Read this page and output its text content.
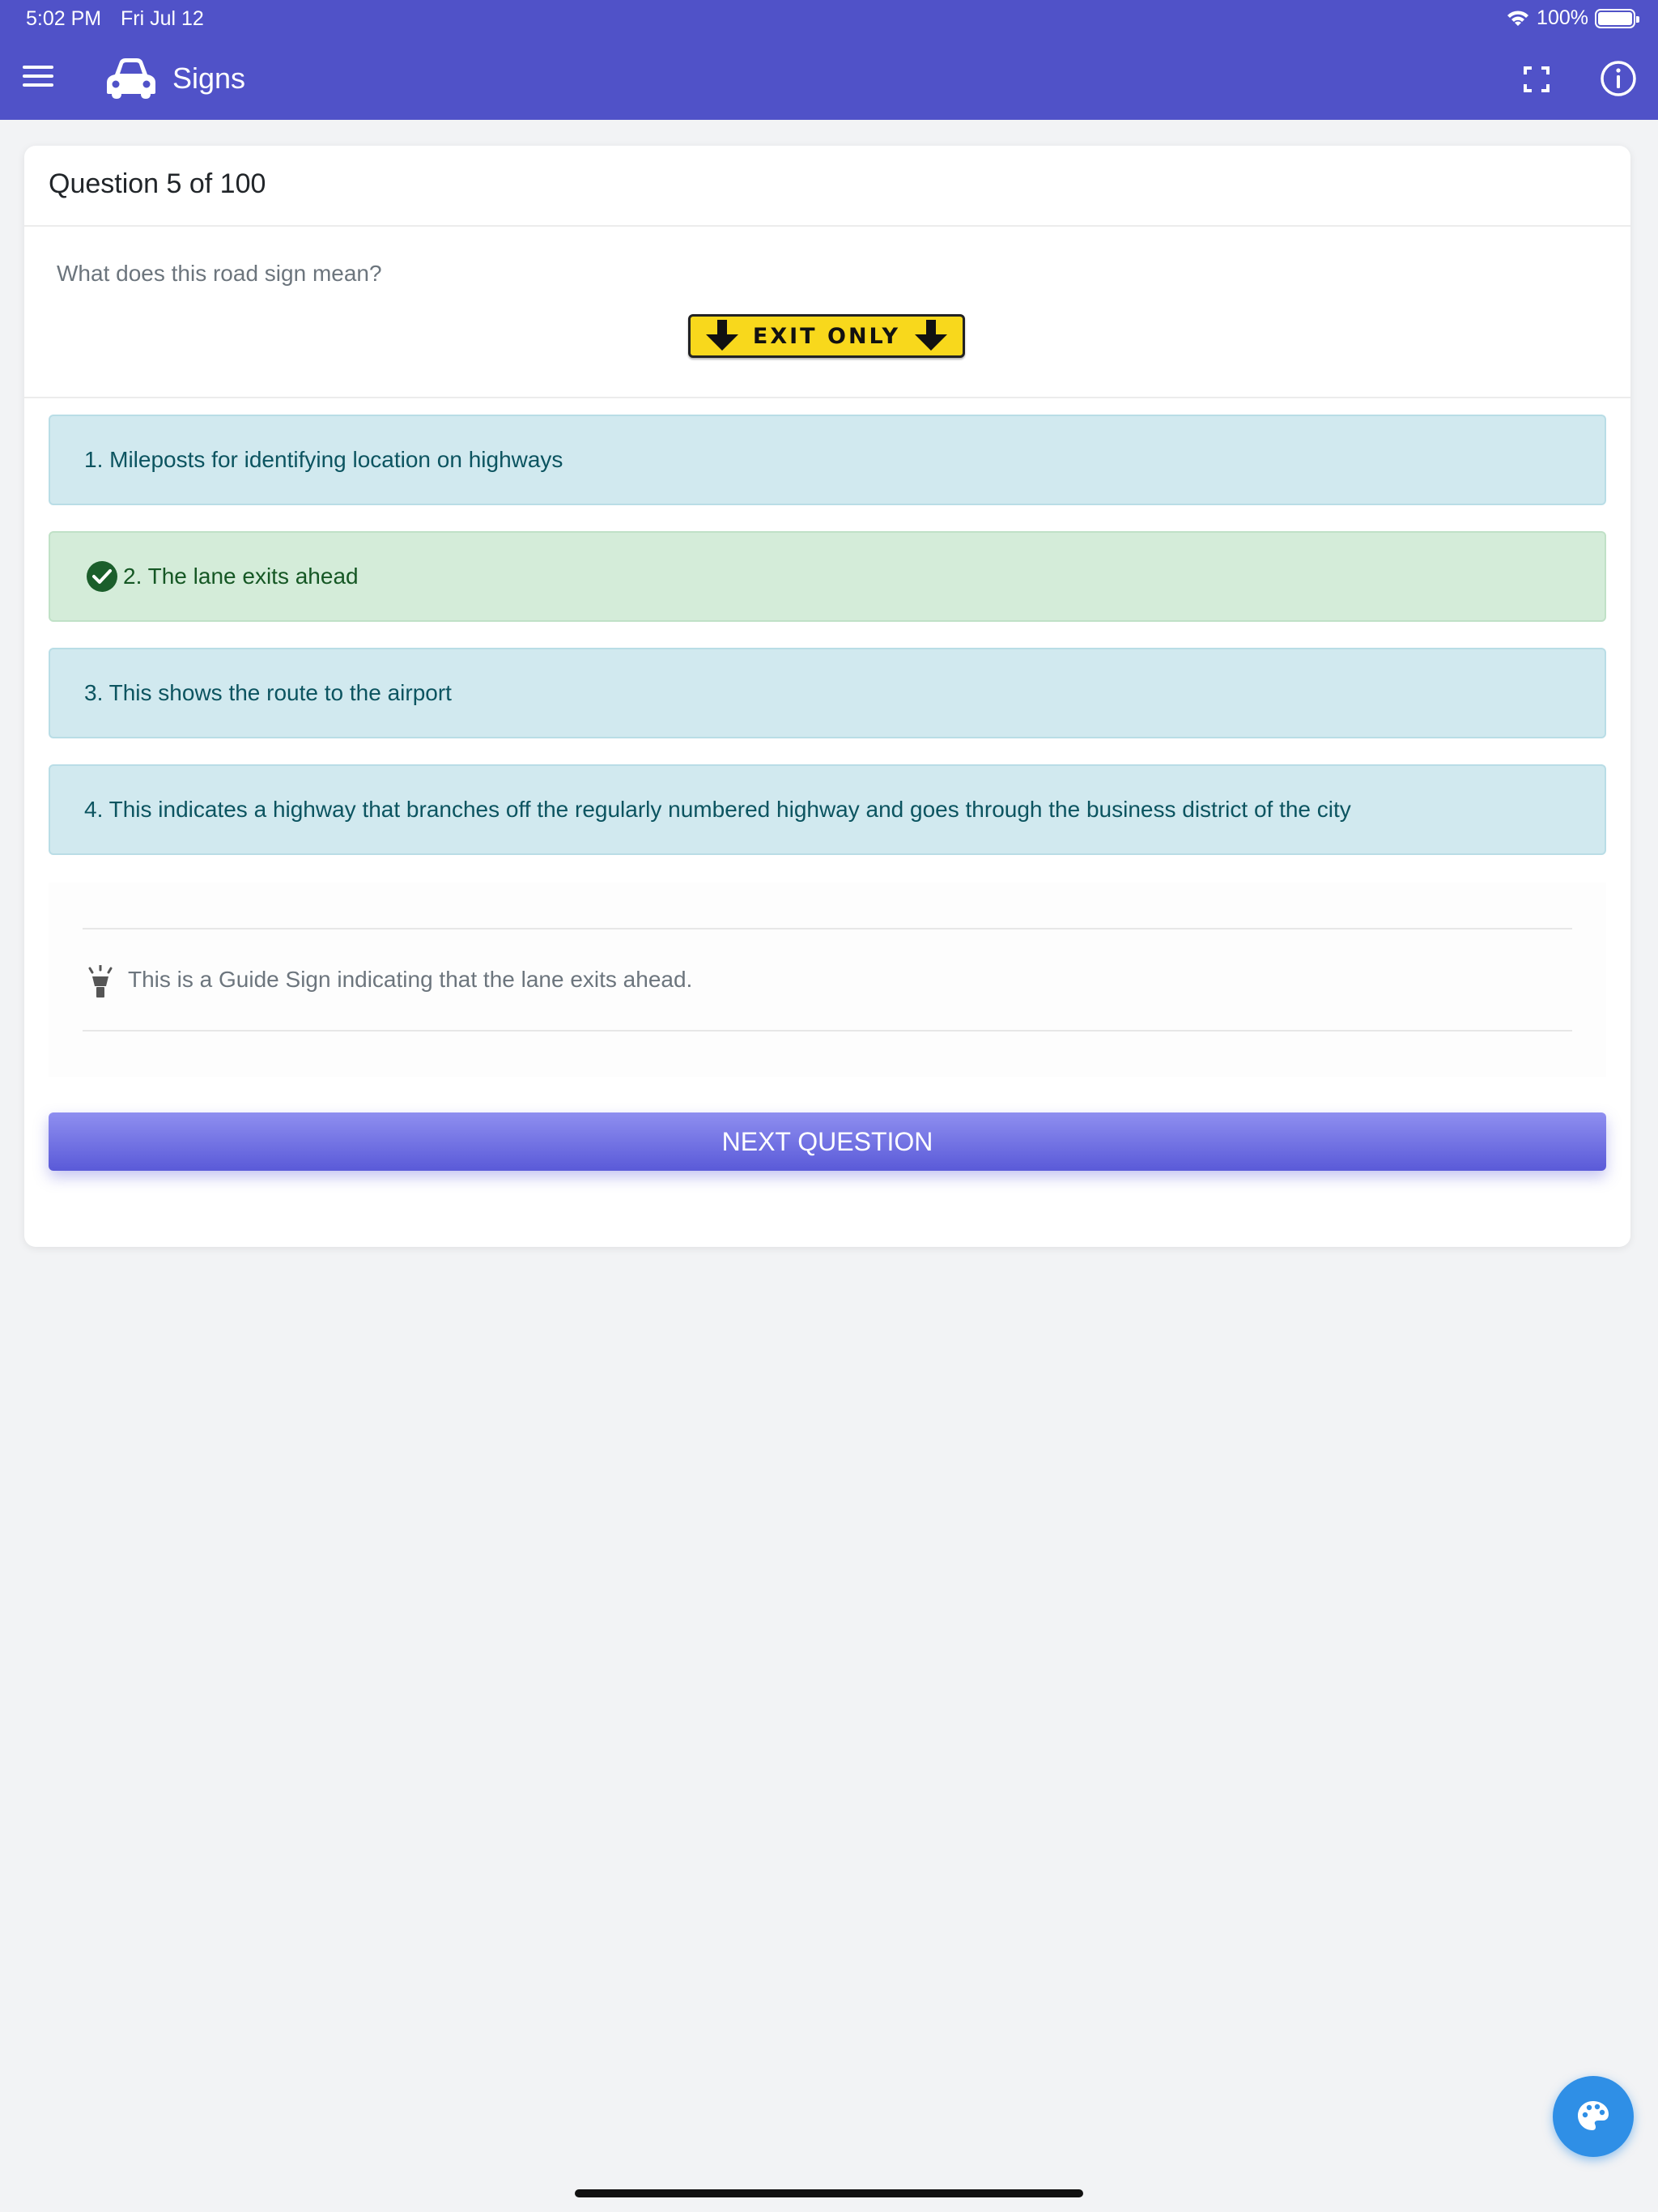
5:02 PM Fri Jul 12	100%
Signs
Question 5 of 100
What does this road sign mean?
EXIT ONLY
1. Mileposts for identifying location on highways
2. The lane exits ahead
3. This shows the route to the airport
4. This indicates a highway that branches off the regularly numbered highway and goes through the business district of the city
This is a Guide Sign indicating that the lane exits ahead.
NEXT QUESTION
